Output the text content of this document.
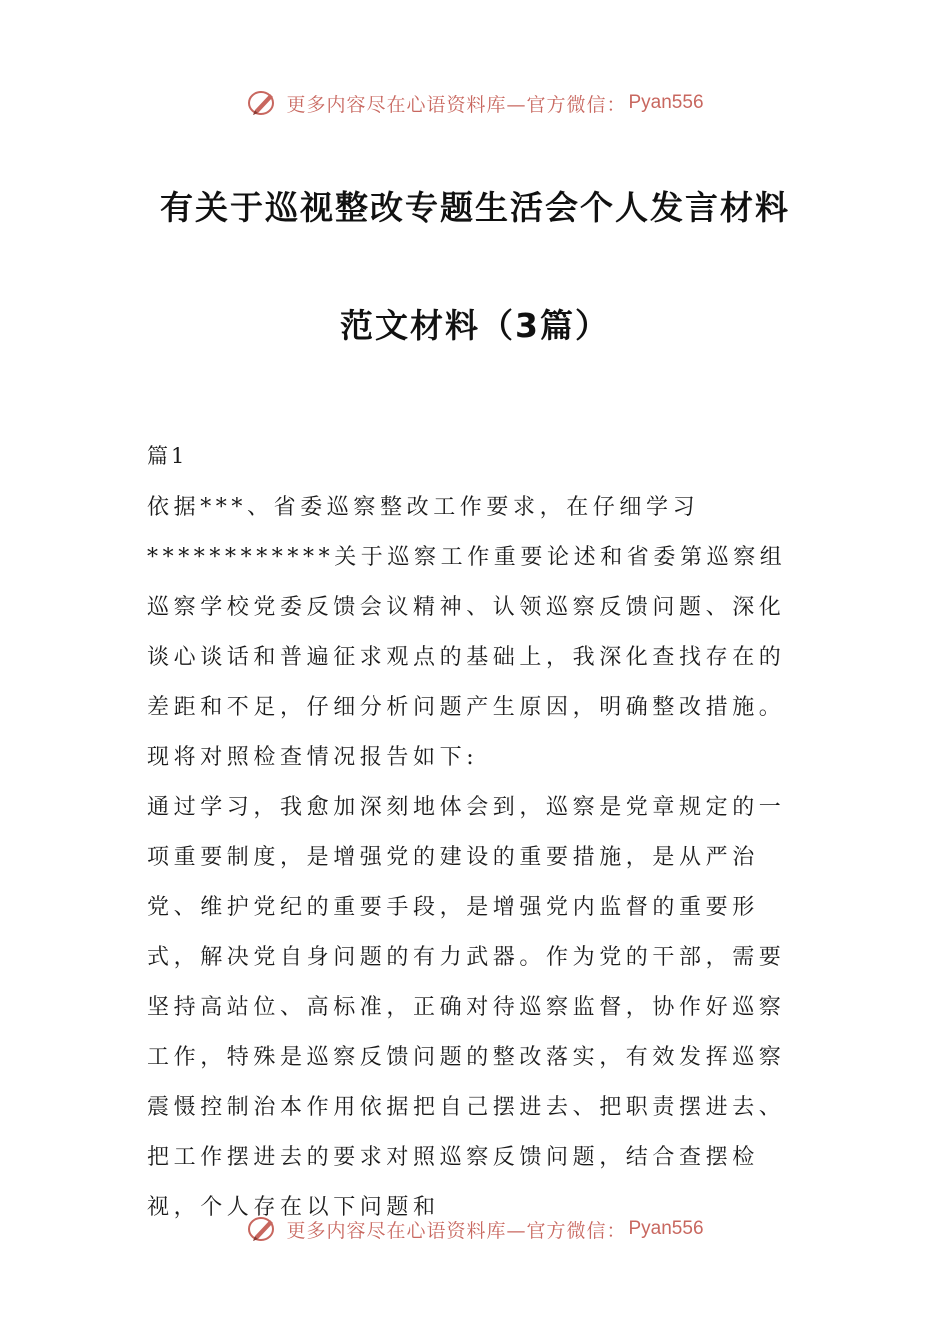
更多内容尽在心语资料库—官方微信： Pyan556
有关于巡视整改专题生活会个人发言材料
范文材料（3篇）
篇1

依据***、省委巡察整改工作要求，在仔细学习************关于巡察工作重要论述和省委第巡察组巡察学校党委反馈会议精神、认领巡察反馈问题、深化谈心谈话和普遍征求观点的基础上，我深化查找存在的差距和不足，仔细分析问题产生原因，明确整改措施。现将对照检查情况报告如下:

通过学习，我愈加深刻地体会到，巡察是党章规定的一项重要制度，是增强党的建设的重要措施，是从严治党、维护党纪的重要手段，是增强党内监督的重要形式，解决党自身问题的有力武器。作为党的干部，需要坚持高站位、高标准，正确对待巡察监督，协作好巡察工作，特殊是巡察反馈问题的整改落实，有效发挥巡察震慑控制治本作用依据把自己摆进去、把职责摆进去、把工作摆进去的要求对照巡察反馈问题，结合查摆检视，个人存在以下问题和

更多内容尽在心语资料库—官方微信： Pyan556
